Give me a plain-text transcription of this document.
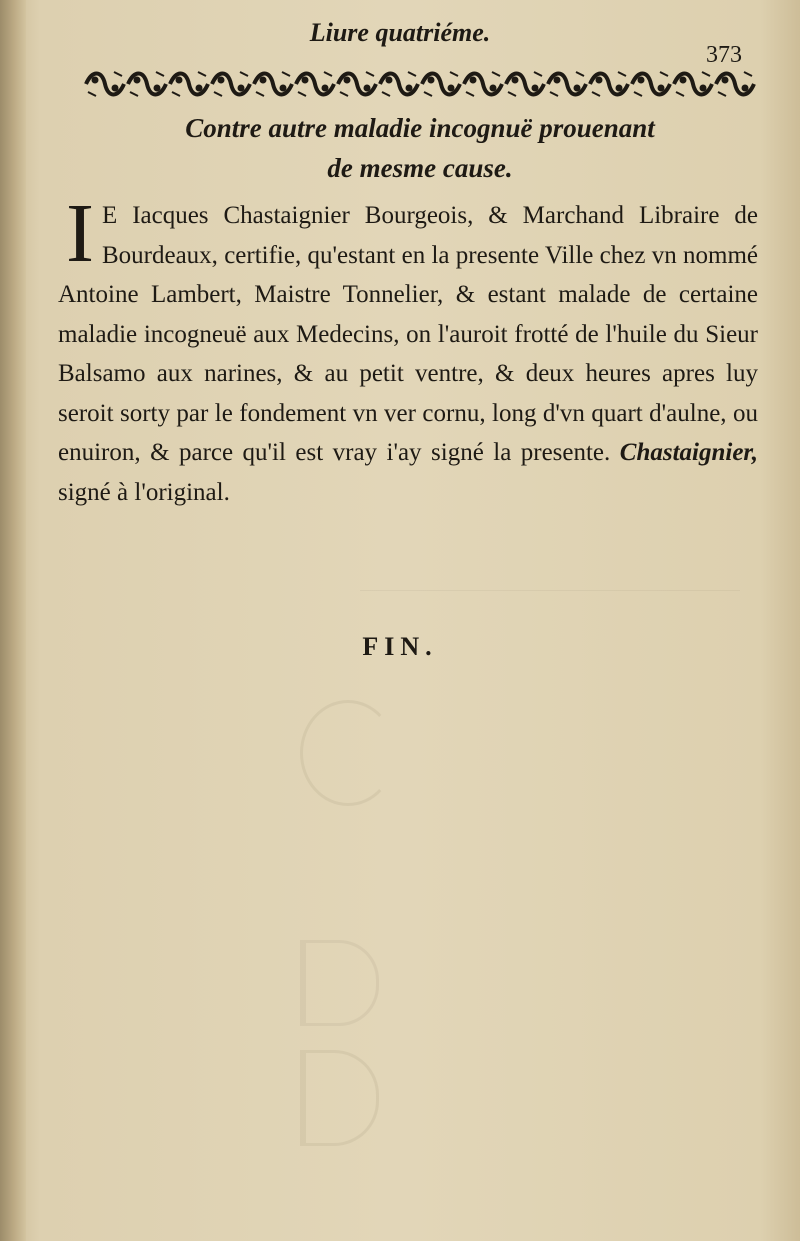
Liure quatriéme.
373
Contre autre maladie incognuë prouenant
de mesme cause.
I E Iacques Chastaignier Bourgeois, & Marchand Libraire de Bourdeaux, certifie, qu'estant en la presente Ville chez vn nommé Antoine Lambert, Maistre Tonnelier, & estant malade de certaine maladie incogneuë aux Medecins, on l'auroit frotté de l'huile du Sieur Balsamo aux narines, & au petit ventre, & deux heures apres luy seroit sorty par le fondement vn ver cornu, long d'vn quart d'aulne, ou enuiron, & parce qu'il est vray i'ay signé la presente. Chastaignier, signé à l'original.
FIN.
